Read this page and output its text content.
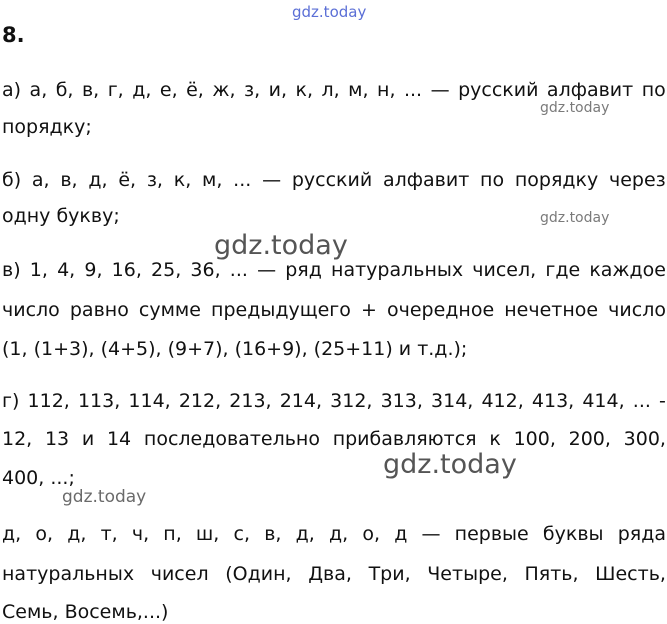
gdz.today
gdz.today
gdz.today
gdz.today
gdz.today
gdz.today
8.
а) а, б, в, г, д, е, ё, ж, з, и, к, л, м, н, ... — русский алфавит по
порядку;
б) а, в, д, ё, з, к, м, ... — русский алфавит по порядку через
одну букву;
в) 1, 4, 9, 16, 25, 36, ... — ряд натуральных чисел, где каждое
число равно сумме предыдущего + очередное нечетное число
(1, (1+3), (4+5), (9+7), (16+9), (25+11) и т.д.);
г) 112, 113, 114, 212, 213, 214, 312, 313, 314, 412, 413, 414, ... -
12, 13 и 14 последовательно прибавляются к 100, 200, 300,
400, ...;
д, о, д, т, ч, п, ш, с, в, д, д, о, д — первые буквы ряда
натуральных чисел (Один, Два, Три, Четыре, Пять, Шесть,
Семь, Восемь,...)
